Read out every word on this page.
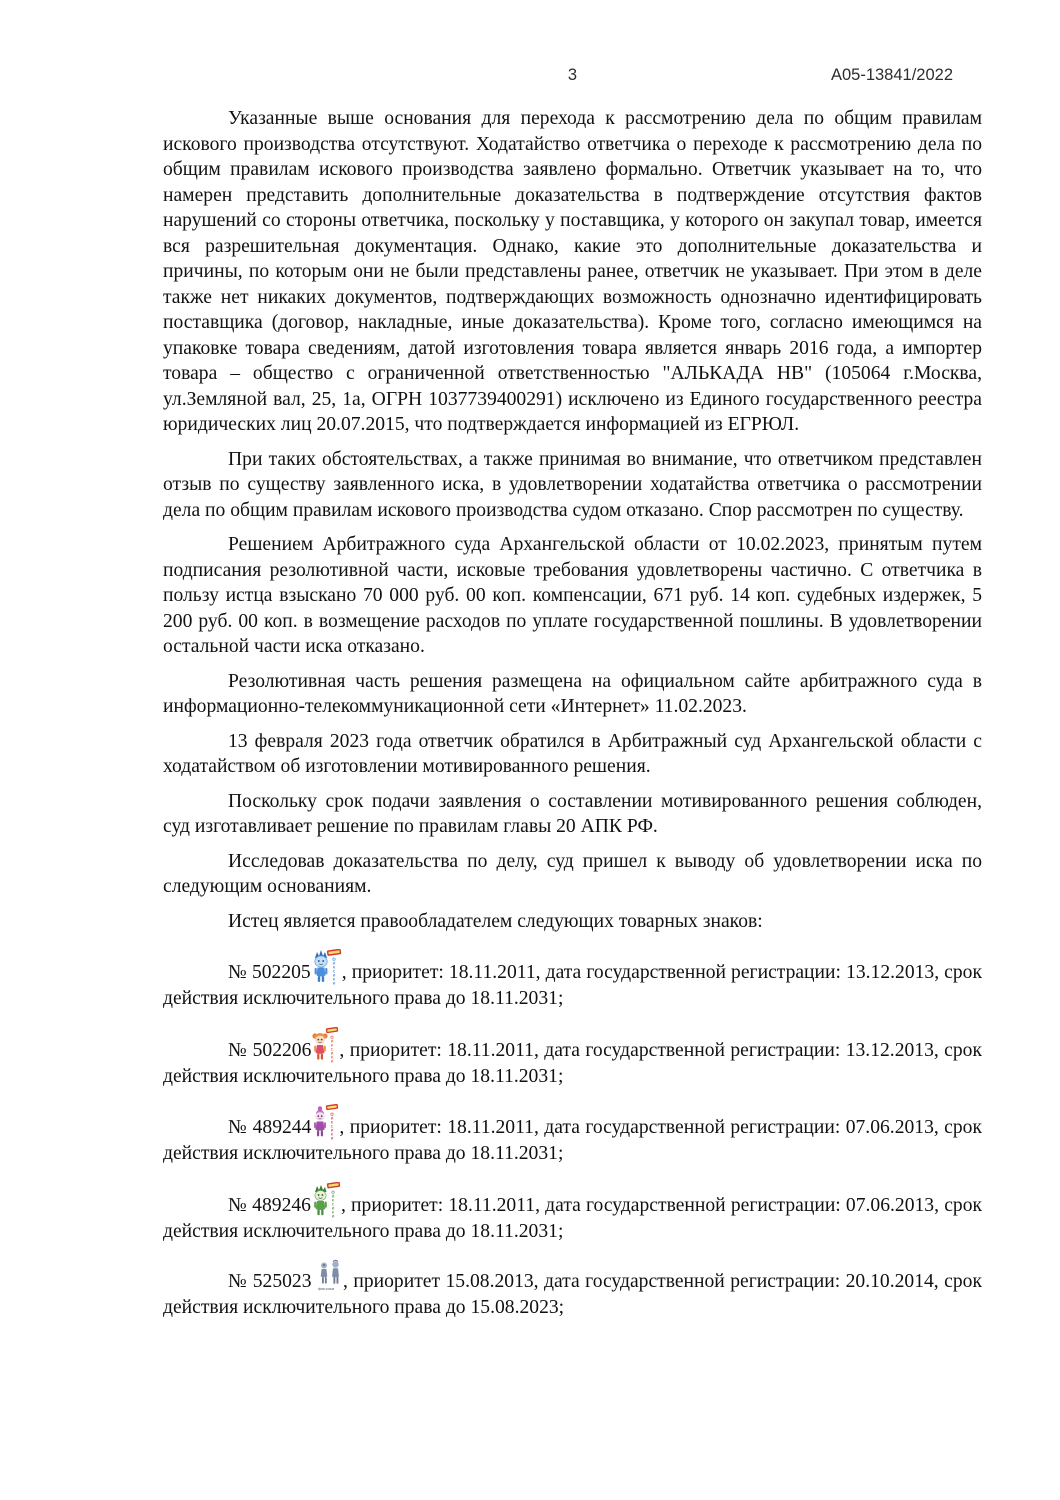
3	А05-13841/2022

Указанные выше основания для перехода к рассмотрению дела по общим правилам искового производства отсутствуют. Ходатайство ответчика о переходе к рассмотрению дела по общим правилам искового производства заявлено формально. Ответчик указывает на то, что намерен представить дополнительные доказательства в подтверждение отсутствия фактов нарушений со стороны ответчика, поскольку у поставщика, у которого он закупал товар, имеется вся разрешительная документация. Однако, какие это дополнительные доказательства и причины, по которым они не были представлены ранее, ответчик не указывает. При этом в деле также нет никаких документов, подтверждающих возможность однозначно идентифицировать поставщика (договор, накладные, иные доказательства). Кроме того, согласно имеющимся на упаковке товара сведениям, датой изготовления товара является январь 2016 года, а импортер товара – общество с ограниченной ответственностью "АЛЬКАДА НВ" (105064 г.Москва, ул.Земляной вал, 25, 1а, ОГРН 1037739400291) исключено из Единого государственного реестра юридических лиц 20.07.2015, что подтверждается информацией из ЕГРЮЛ.

При таких обстоятельствах, а также принимая во внимание, что ответчиком представлен отзыв по существу заявленного иска, в удовлетворении ходатайства ответчика о рассмотрении дела по общим правилам искового производства судом отказано. Спор рассмотрен по существу.

Решением Арбитражного суда Архангельской области от 10.02.2023, принятым путем подписания резолютивной части, исковые требования удовлетворены частично. С ответчика в пользу истца взыскано 70 000 руб. 00 коп. компенсации, 671 руб. 14 коп. судебных издержек, 5 200 руб. 00 коп. в возмещение расходов по уплате государственной пошлины. В удовлетворении остальной части иска отказано.

Резолютивная часть решения размещена на официальном сайте арбитражного суда в информационно-телекоммуникационной сети «Интернет» 11.02.2023.

13 февраля 2023 года ответчик обратился в Арбитражный суд Архангельской области с ходатайством об изготовлении мотивированного решения.

Поскольку срок подачи заявления о составлении мотивированного решения соблюден, суд изготавливает решение по правилам главы 20 АПК РФ.

Исследовав доказательства по делу, суд пришел к выводу об удовлетворении иска по следующим основаниям.

Истец является правообладателем следующих товарных знаков:

№ 502205
ф
и
к
с
и
к
и
, приоритет: 18.11.2011, дата государственной регистрации: 13.12.2013, срок действия исключительного права до 18.11.2031;

№ 502206
ф
и
к
с
и
к
и
, приоритет: 18.11.2011, дата государственной регистрации: 13.12.2013, срок действия исключительного права до 18.11.2031;

№ 489244
ф
и
к
с
и
к
и
, приоритет: 18.11.2011, дата государственной регистрации: 07.06.2013, срок действия исключительного права до 18.11.2031;

№ 489246
ф
и
к
с
и
к
и
, приоритет: 18.11.2011, дата государственной регистрации: 07.06.2013, срок действия исключительного права до 18.11.2031;

№ 525023 фиксики , приоритет 15.08.2013, дата государственной регистрации: 20.10.2014, срок действия исключительного права до 15.08.2023;
